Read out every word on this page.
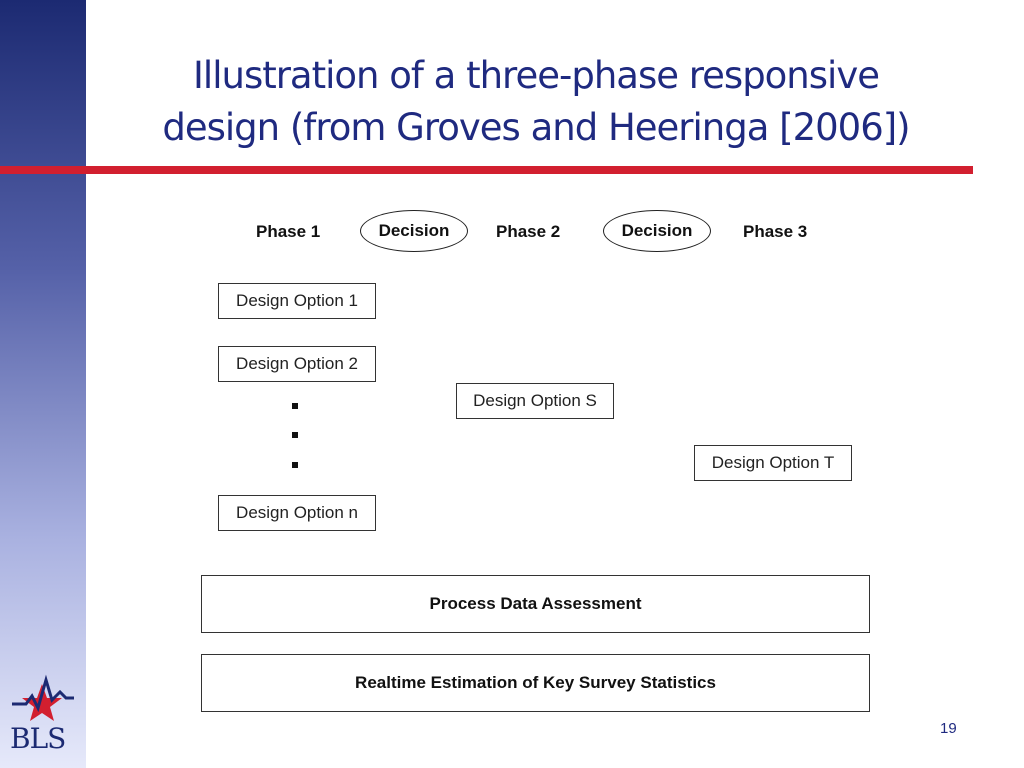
Illustration of a three-phase responsive
design (from Groves and Heeringa [2006])
Phase 1	Decision	Phase 2	Decision	Phase 3
Design Option 1
Design Option 2
Design Option n
Design Option S
Design Option T
Process Data Assessment
Realtime Estimation of Key Survey Statistics
19
BLS
